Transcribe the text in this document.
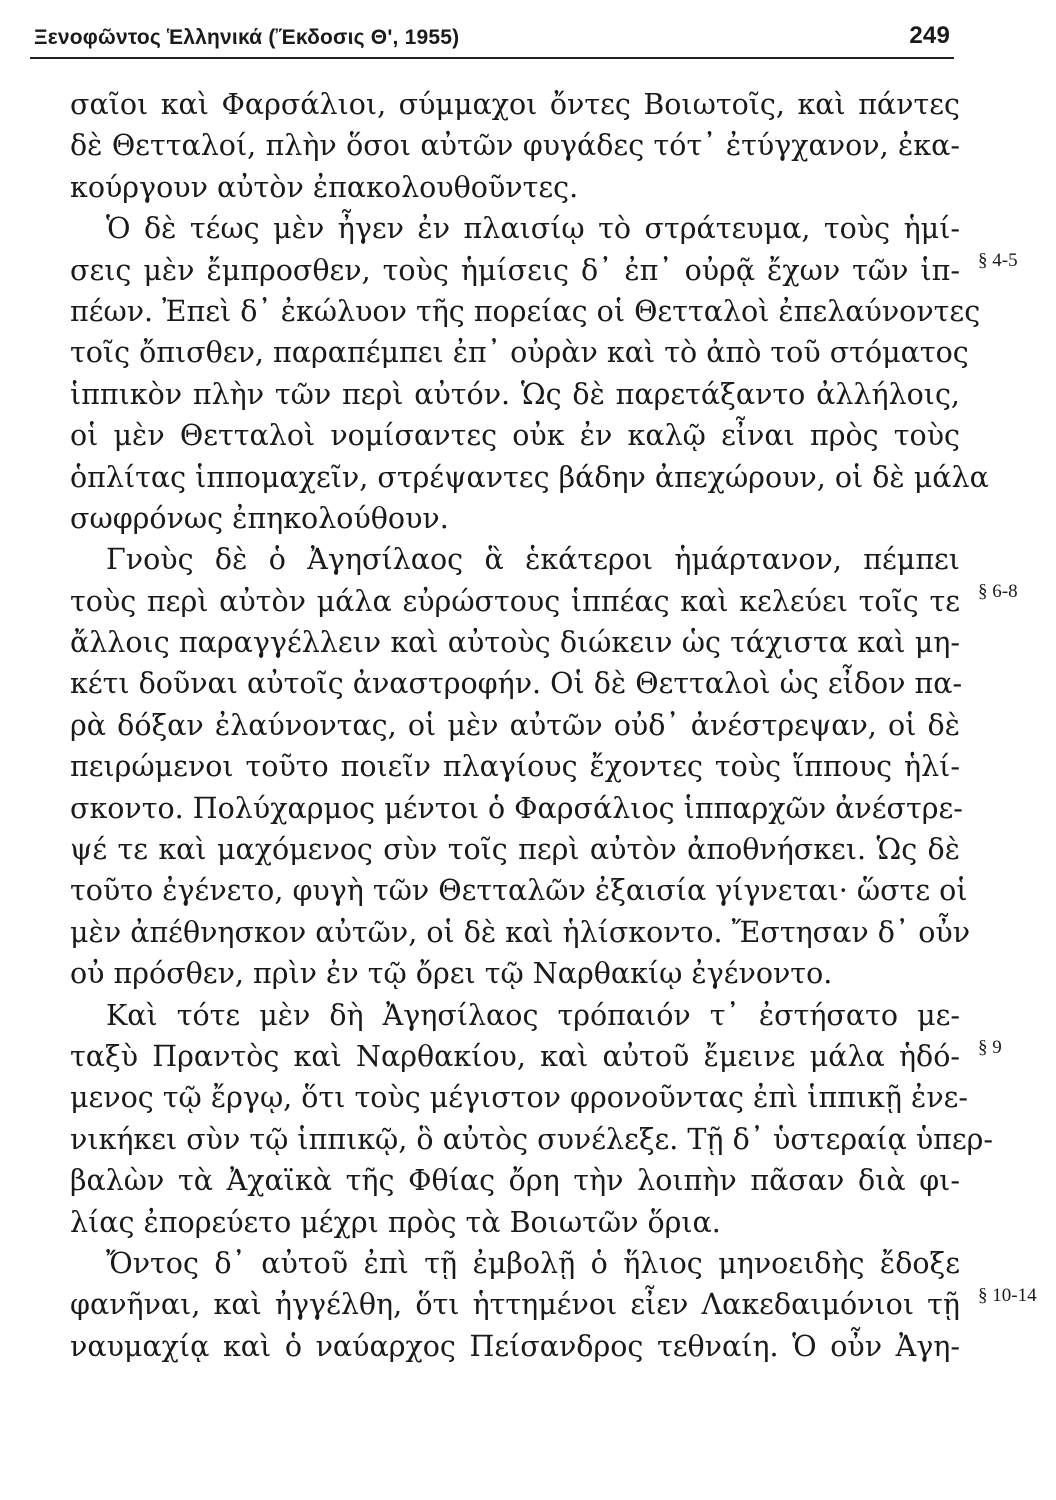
Ξενοφῶντος Ἑλληνικά (Ἔκδοσις Θ', 1955)	249
σαῖοι καὶ Φαρσάλιοι, σύμμαχοι ὄντες Βοιωτοῖς, καὶ πάντες
δὲ Θετταλοί, πλὴν ὅσοι αὐτῶν φυγάδες τότ᾽ ἐτύγχανον, ἐκα-
κούργουν αὐτὸν ἐπακολουθοῦντες.
Ὁ δὲ τέως μὲν ἦγεν ἐν πλαισίῳ τὸ στράτευμα, τοὺς ἡμί-
σεις μὲν ἔμπροσθεν, τοὺς ἡμίσεις δ᾽ ἐπ᾽ οὐρᾷ ἔχων τῶν ἱπ-
πέων. Ἐπεὶ δ᾽ ἐκώλυον τῆς πορείας οἱ Θετταλοὶ ἐπελαύνοντες
τοῖς ὄπισθεν, παραπέμπει ἐπ᾽ οὐρὰν καὶ τὸ ἀπὸ τοῦ στόματος
ἱππικὸν πλὴν τῶν περὶ αὐτόν. Ὡς δὲ παρετάξαντο ἀλλήλοις,
οἱ μὲν Θετταλοὶ νομίσαντες οὐκ ἐν καλῷ εἶναι πρὸς τοὺς
ὁπλίτας ἱππομαχεῖν, στρέψαντες βάδην ἀπεχώρουν, οἱ δὲ μάλα
σωφρόνως ἐπηκολούθουν.
Γνοὺς δὲ ὁ Ἀγησίλαος ἃ ἑκάτεροι ἡμάρτανον, πέμπει
τοὺς περὶ αὐτὸν μάλα εὐρώστους ἱππέας καὶ κελεύει τοῖς τε
ἄλλοις παραγγέλλειν καὶ αὐτοὺς διώκειν ὡς τάχιστα καὶ μη-
κέτι δοῦναι αὐτοῖς ἀναστροφήν. Οἱ δὲ Θετταλοὶ ὡς εἶδον πα-
ρὰ δόξαν ἐλαύνοντας, οἱ μὲν αὐτῶν οὐδ᾽ ἀνέστρεψαν, οἱ δὲ
πειρώμενοι τοῦτο ποιεῖν πλαγίους ἔχοντες τοὺς ἵππους ἡλί-
σκοντο. Πολύχαρμος μέντοι ὁ Φαρσάλιος ἱππαρχῶν ἀνέστρε-
ψέ τε καὶ μαχόμενος σὺν τοῖς περὶ αὐτὸν ἀποθνήσκει. Ὡς δὲ
τοῦτο ἐγένετο, φυγὴ τῶν Θετταλῶν ἐξαισία γίγνεται· ὥστε οἱ
μὲν ἀπέθνησκον αὐτῶν, οἱ δὲ καὶ ἡλίσκοντο. Ἔστησαν δ᾽ οὖν
οὐ πρόσθεν, πρὶν ἐν τῷ ὄρει τῷ Ναρθακίῳ ἐγένοντο.
Καὶ τότε μὲν δὴ Ἀγησίλαος τρόπαιόν τ᾽ ἐστήσατο με-
ταξὺ Πραντὸς καὶ Ναρθακίου, καὶ αὐτοῦ ἔμεινε μάλα ἡδό-
μενος τῷ ἔργῳ, ὅτι τοὺς μέγιστον φρονοῦντας ἐπὶ ἱππικῇ ἐνε-
νικήκει σὺν τῷ ἱππικῷ, ὃ αὐτὸς συνέλεξε. Τῇ δ᾽ ὑστεραίᾳ ὑπερ-
βαλὼν τὰ Ἀχαϊκὰ τῆς Φθίας ὄρη τὴν λοιπὴν πᾶσαν διὰ φι-
λίας ἐπορεύετο μέχρι πρὸς τὰ Βοιωτῶν ὅρια.
Ὄντος δ᾽ αὐτοῦ ἐπὶ τῇ ἐμβολῇ ὁ ἥλιος μηνοειδὴς ἔδοξε
φανῆναι, καὶ ἠγγέλθη, ὅτι ἡττημένοι εἶεν Λακεδαιμόνιοι τῇ
ναυμαχίᾳ καὶ ὁ ναύαρχος Πείσανδρος τεθναίη. Ὁ οὖν Ἀγη-
§ 4-5
§ 6-8
§ 9
§ 10-14
